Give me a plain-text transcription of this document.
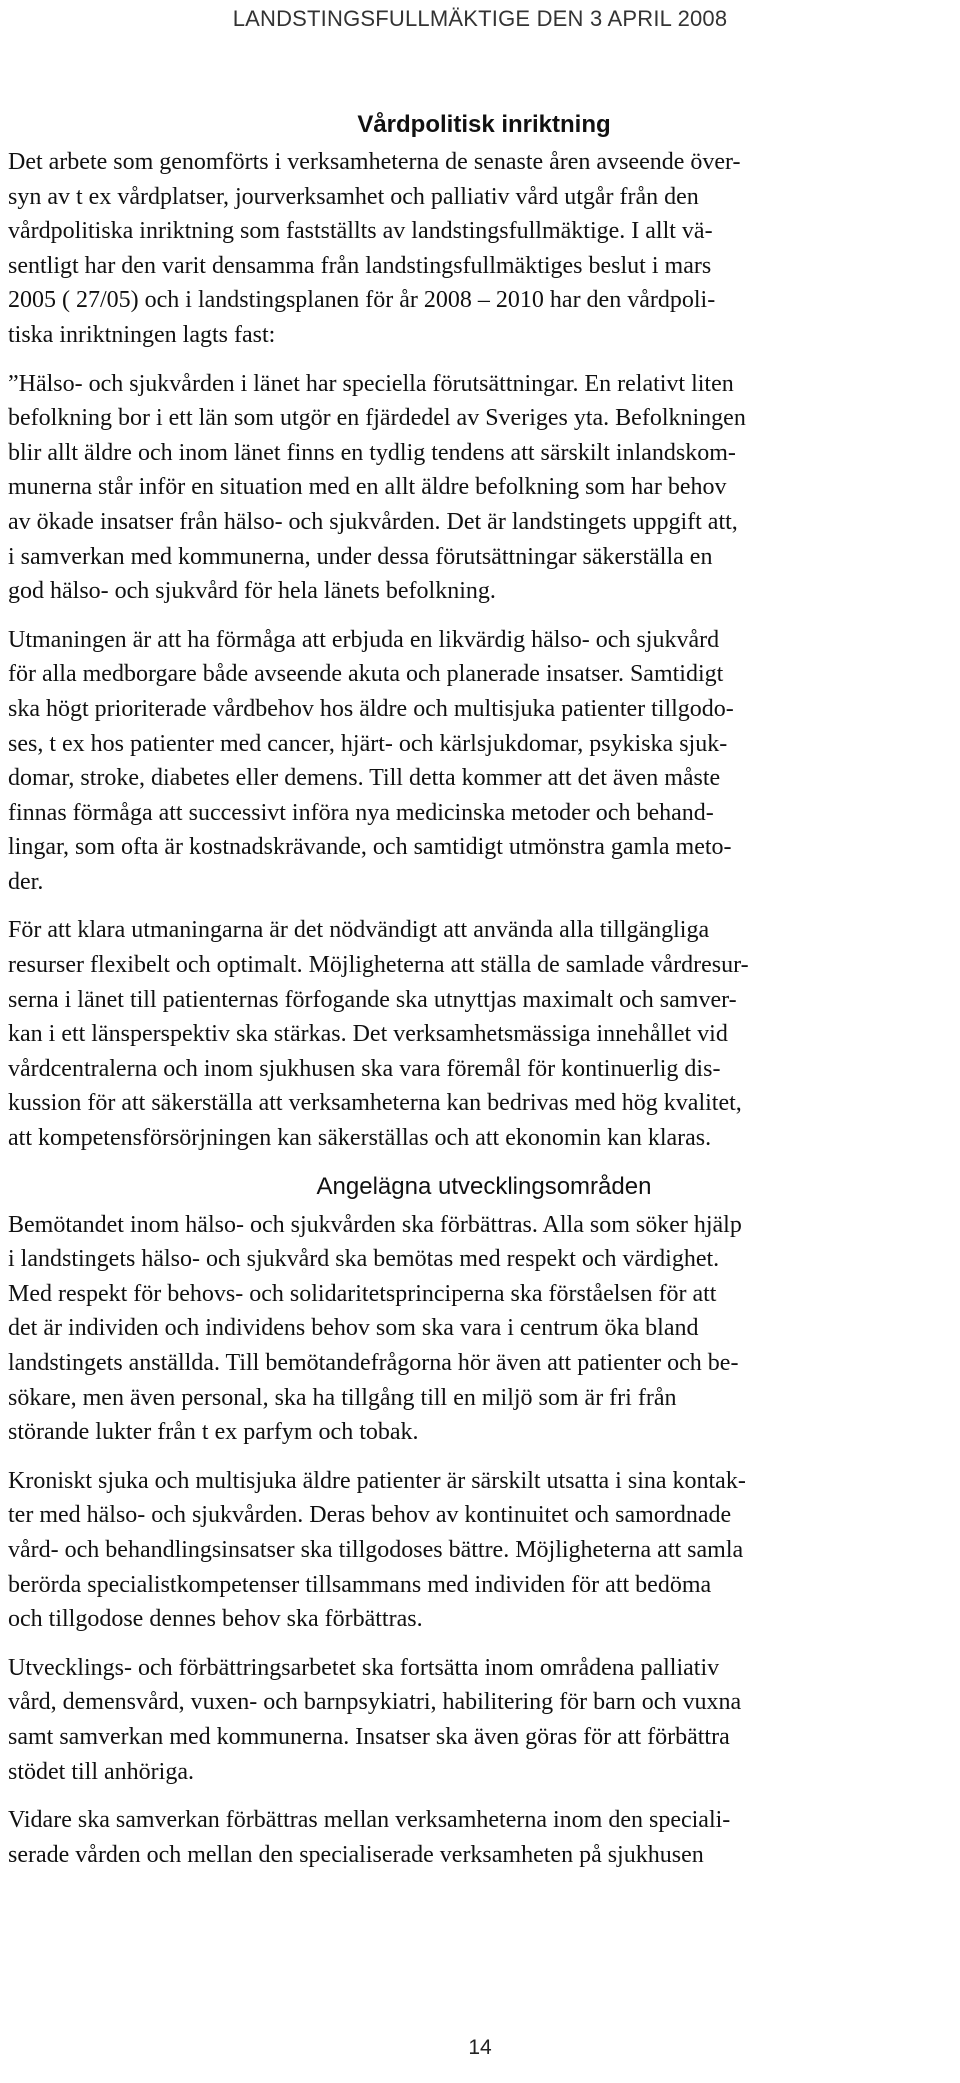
LANDSTINGSFULLMÄKTIGE DEN 3 APRIL 2008
Vårdpolitisk inriktning

Det arbete som genomförts i verksamheterna de senaste åren avseende över-
syn av t ex vårdplatser, jourverksamhet och palliativ vård utgår från den
vårdpolitiska inriktning som fastställts av landstingsfullmäktige. I allt vä-
sentligt har den varit densamma från landstingsfullmäktiges beslut i mars
2005 ( 27/05) och i landstingsplanen för år 2008 – 2010 har den vårdpoli-
tiska inriktningen lagts fast:

”Hälso- och sjukvården i länet har speciella förutsättningar. En relativt liten
befolkning bor i ett län som utgör en fjärdedel av Sveriges yta. Befolkningen
blir allt äldre och inom länet finns en tydlig tendens att särskilt inlandskom-
munerna står inför en situation med en allt äldre befolkning som har behov
av ökade insatser från hälso- och sjukvården. Det är landstingets uppgift att,
i samverkan med kommunerna, under dessa förutsättningar säkerställa en
god hälso- och sjukvård för hela länets befolkning.

Utmaningen är att ha förmåga att erbjuda en likvärdig hälso- och sjukvård
för alla medborgare både avseende akuta och planerade insatser. Samtidigt
ska högt prioriterade vårdbehov hos äldre och multisjuka patienter tillgodo-
ses, t ex hos patienter med cancer, hjärt- och kärlsjukdomar, psykiska sjuk-
domar, stroke, diabetes eller demens. Till detta kommer att det även måste
finnas förmåga att successivt införa nya medicinska metoder och behand-
lingar, som ofta är kostnadskrävande, och samtidigt utmönstra gamla meto-
der.

För att klara utmaningarna är det nödvändigt att använda alla tillgängliga
resurser flexibelt och optimalt. Möjligheterna att ställa de samlade vårdresur-
serna i länet till patienternas förfogande ska utnyttjas maximalt och samver-
kan i ett länsperspektiv ska stärkas. Det verksamhetsmässiga innehållet vid
vårdcentralerna och inom sjukhusen ska vara föremål för kontinuerlig dis-
kussion för att säkerställa att verksamheterna kan bedrivas med hög kvalitet,
att kompetensförsörjningen kan säkerställas och att ekonomin kan klaras.

Angelägna utvecklingsområden

Bemötandet inom hälso- och sjukvården ska förbättras. Alla som söker hjälp
i landstingets hälso- och sjukvård ska bemötas med respekt och värdighet.
Med respekt för behovs- och solidaritetsprinciperna ska förståelsen för att
det är individen och individens behov som ska vara i centrum öka bland
landstingets anställda. Till bemötandefrågorna hör även att patienter och be-
sökare, men även personal, ska ha tillgång till en miljö som är fri från
störande lukter från t ex parfym och tobak.

Kroniskt sjuka och multisjuka äldre patienter är särskilt utsatta i sina kontak-
ter med hälso- och sjukvården. Deras behov av kontinuitet och samordnade
vård- och behandlingsinsatser ska tillgodoses bättre. Möjligheterna att samla
berörda specialistkompetenser tillsammans med individen för att bedöma
och tillgodose dennes behov ska förbättras.

Utvecklings- och förbättringsarbetet ska fortsätta inom områdena palliativ
vård, demensvård, vuxen- och barnpsykiatri, habilitering för barn och vuxna
samt samverkan med kommunerna. Insatser ska även göras för att förbättra
stödet till anhöriga.

Vidare ska samverkan förbättras mellan verksamheterna inom den speciali-
serade vården och mellan den specialiserade verksamheten på sjukhusen

14
